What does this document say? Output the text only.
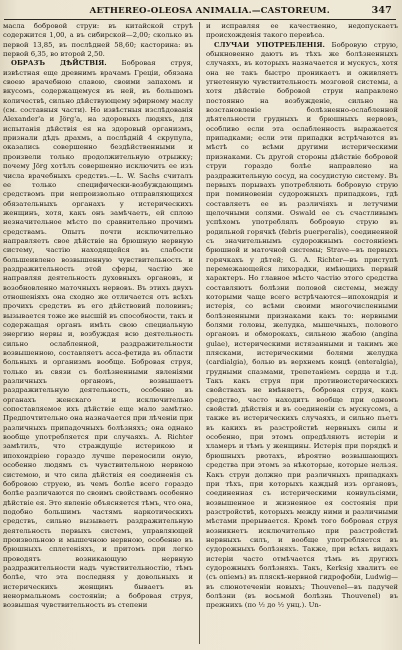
AETHEREO-OLEOSA ANIMALIA.—CASTOREUM.	347

масла бобровой струи: въ китайской струѣ содержится 1,00, а въ сибирской—2,00; сколько въ первой 13,85, въ послѣдней 58,60; касторина: въ первой 6,35, во второй 2,50.

ОБРАЗЪ ДѢЙСТВІЯ. Бобровая струя, извѣстная еще древнимъ врачамъ Греціи, обязана своею врачебною славою, своими запахомъ и вкусомъ, содержащемуся въ ней, въ большомъ количествѣ, сильно дѣйствующему эфирному маслу (см. составныя части). Но извѣстныя изслѣдованія Alexander'a и Jörg'a, на здоровыхъ людяхъ, для испытанія дѣйствія ея на здоровый организмъ, признали дѣдъ драхмъ, а послѣдній 4 скрупула, оказались совершенно бездѣйственными и произвели только продолжительную отрыжку; почему Jörg хотѣлъ совершенно исключить ее изъ числа врачебныхъ средствъ.—L. W. Sachs считалъ ее только специфически-возбуждающимъ средствомъ при непроизвольно отправляющихся обязательныхъ органахъ у истерическихъ женщинъ, хотя, какъ онъ замѣчаетъ, ей сплою незначительное мѣсто по сравнительно прочимъ средствамъ. Опытъ почти исключительно направляетъ свое дѣйствіе на брюшную нервную систему, частію находящейся въ слабости большеивлено возвышенную чувствительность и раздражительность этой сферы, частію же направляя деятельность духовныхъ органовъ, и возобновленно маточныхъ нервовъ. Въ этихъ двухъ отношеніяхъ она сходно же отличается отъ всѣхъ прочихъ средствъ въ его дѣйствовий половинъ; вызывается тоже же высшій въ способности, такъ и содержащая органъ имѣть свою специальную энергию нервы и, возбуждая всю деятельность сильно ослабленной, раздражительности возвышенною, составляетъ асса-фетида въ области больныхъ и организмъ вообще. Бобровая струя, только въ связи съ болѣзненными явленіями различныхъ органовъ, возвышаетъ раздражительную деятельность, особенно въ органахъ женскаго и исключительно сопоставляемое ихъ дѣйствіе еще мало замѣтно. Предпочтительно она назначается при лѣченіи при различныхъ припадочныхъ болѣзняхъ; она однако вообще употребляется при случаяхъ. A. Richter замѣтилъ, что страждущіе истерикою и ипохондріею гораздо лучше переносили оную, особенно людямъ съ чувствительною нервною системою, и что сила дѣйствія ея соединенія съ бобровою струею, въ чемъ болѣе всего гораздо болѣе различаются по своимъ свойствамъ особенно дѣйствіе ея. Это явленіе объясняется тѣмъ, что она, подобно большимъ частямъ наркотическихъ средствъ, сильно вызываетъ раздражительную деятельность первыхъ системъ, управляющей произвольною и мышечною нервною, особенно въ брюшныхъ сплетеніяхъ, и притомъ при легко проводятъ возникающую нервную раздражительности надъ чувствительностію, тѣмъ болѣе, что эта последняя у довольныхъ и истерическихъ женщинъ бываетъ въ ненормальномъ состояніи; а бобровая струя, возвышая чувствительность въ степени

и исправляя ее качественно, недопускаетъ происхожденія такого перевѣса.

СЛУЧАИ УПОТРЕБЛЕНІЯ. Бобровую струю, обыкновенно даютъ въ тѣхъ же болѣзненныхъ случаяхъ, въ которыхъ назначается и мускусъ, хотя она не такъ быстро проникаетъ и оживляетъ угнетенную чувствительность мозговой системы, а хотя дѣйствіе бобровой струи направлено постоянно на возбужденіе, сильно на возстановленіе болѣзненно-ослабленной дѣятельности грудныхъ и брюшныхъ нервовъ, особливо если эта ослабленность выражается припадками; если эти припадки встрѣчаются въ мѣстѣ со всѣми другими истерическими признаками. Съ другой стороны дѣйствіе бобровой струи гораздо болѣе направлено на раздражительную сосуд, на сосудистую систему. Въ первыхъ порывахъ употребляють бобровую струю при поминовеніи судорожныхъ припадковъ, гдѣ составляетъ ее въ различіяхъ и летучими щелочными солями. Oswald ее съ счастливымъ успѣхомъ употреблялъ бобровую струю въ родильной горячкѣ (febris puerperalis), соединенной съ значительнымъ судорожнымъ состояніемъ брюшной и маточной системы; Strave—въ первыхъ горячкахъ у дѣтей; G. A. Richter—въ приступѣ перемежающейся лихорадки, имѣющихъ первый характеръ. Но главное мѣсто частію этого средства составляютъ болѣзни половой системы, между которыми чаще всего встрѣчаются—ипохондрія и истерія, со всѣми своими многочисленными болѣзненными признаками какъ то: нервными болями головы, желудка, мышечныхъ, полового органовъ и обморокахъ, сильною жабою (angina gulae), истерическими истязанными и такимъ же плясками, истерическими болями желудка (cardialgia), болью въ верхнемъ концѣ (enteralgia), грудными спазмами, трепетаніемъ сердца и т.д. Такъ какъ струя при противоистерическихъ свойствахъ не вмѣняетъ, бобровая струя, какъ средство, часто находитъ вообще при одномъ свойствѣ дѣйствія и въ соединеніи съ мускусомъ, а также въ истерическихъ случаяхъ, и сильно пьетъ въ какихъ въ разстройствѣ нервныхъ силы и особенно, при этомъ опредѣляютъ истеріи и хламеръ и тѣмъ у женщины. Истерія при порядкѣ и брюшныхъ рвотахъ, вѣроятно возвышающихъ средства при этомъ за нѣкоторые, которые нельзя. Какъ струи должно при различныхъ припадкахъ при тѣхъ, при которыхъ каждый изъ органовъ, соединенная съ истерическими конвульсіями, возвышенное и жизненное ея состоянія при разстройствѣ, которыхъ между ними и различными мѣстами прерывается. Кромѣ того бобровая струя возникнетъ исключительно при разстройствѣ нервныхъ силъ, и вообще употребляется въ судорожныхъ болѣзняхъ. Также, при всѣхъ видахъ истеріи часто отмѣчается тѣмъ въ другихъ судорожныхъ болѣзняхъ. Такъ, Kerksig хвалитъ ее (съ опіемъ) въ пляскѣ-нервной гидрофобіи, Ludwig—въ слюнотеченіи новыхъ; Thouvenel—въ падучей болѣзни (въ восьмой болѣзнь Thouvenel) въ прежнихъ (по ½ до ½ унц.). Un-
